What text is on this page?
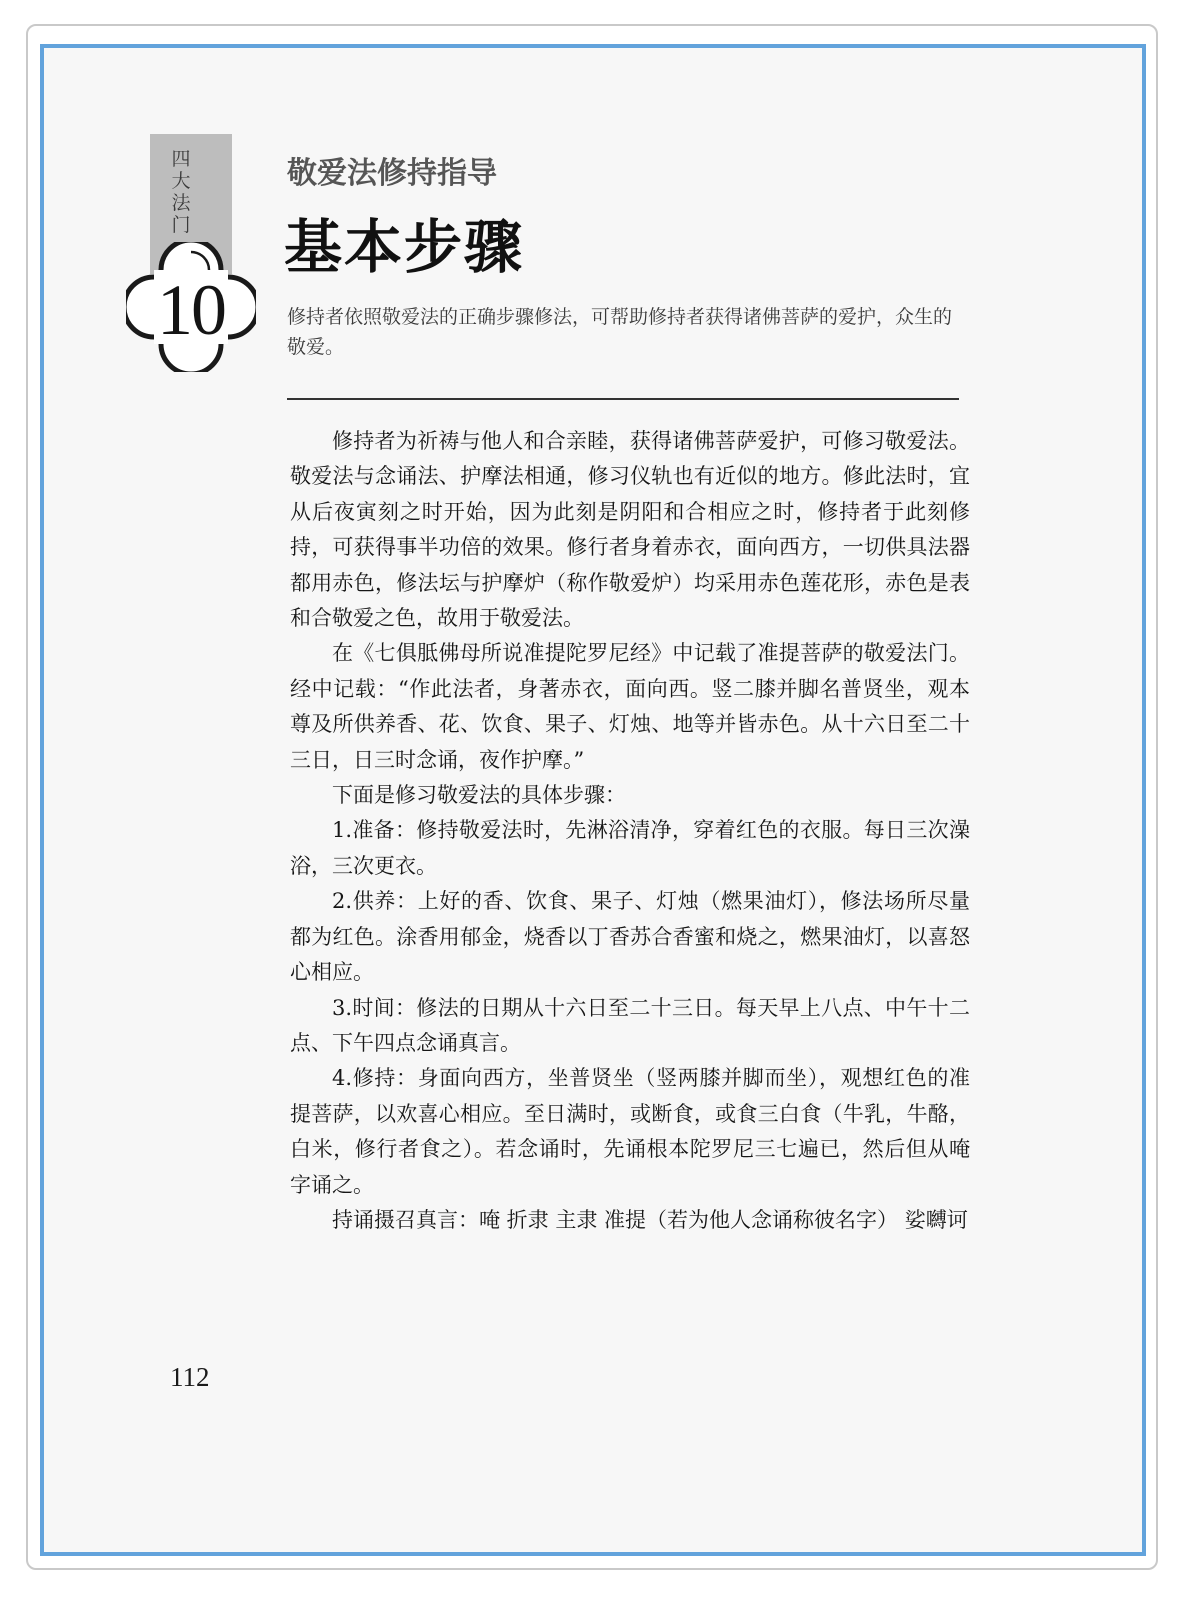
四大法门
10
敬爱法修持指导
基本步骤
修持者依照敬爱法的正确步骤修法，可帮助修持者获得诸佛菩萨的爱护，众生的敬爱。

修持者为祈祷与他人和合亲睦，获得诸佛菩萨爱护，可修习敬爱法。敬爱法与念诵法、护摩法相通，修习仪轨也有近似的地方。修此法时，宜从后夜寅刻之时开始，因为此刻是阴阳和合相应之时，修持者于此刻修持，可获得事半功倍的效果。修行者身着赤衣，面向西方，一切供具法器都用赤色，修法坛与护摩炉（称作敬爱炉）均采用赤色莲花形，赤色是表和合敬爱之色，故用于敬爱法。

在《七俱胝佛母所说准提陀罗尼经》中记载了准提菩萨的敬爱法门。经中记载：“作此法者，身著赤衣，面向西。竖二膝并脚名普贤坐，观本尊及所供养香、花、饮食、果子、灯烛、地等并皆赤色。从十六日至二十三日，日三时念诵，夜作护摩。”

下面是修习敬爱法的具体步骤：

1.准备：修持敬爱法时，先淋浴清净，穿着红色的衣服。每日三次澡浴，三次更衣。

2.供养：上好的香、饮食、果子、灯烛（燃果油灯），修法场所尽量都为红色。涂香用郁金，烧香以丁香苏合香蜜和烧之，燃果油灯，以喜怒心相应。

3.时间：修法的日期从十六日至二十三日。每天早上八点、中午十二点、下午四点念诵真言。

4.修持：身面向西方，坐普贤坐（竖两膝并脚而坐），观想红色的准提菩萨，以欢喜心相应。至日满时，或断食，或食三白食（牛乳，牛酪，白米，修行者食之）。若念诵时，先诵根本陀罗尼三七遍已，然后但从唵字诵之。

持诵摄召真言：唵 折隶 主隶 准提（若为他人念诵称彼名字） 娑嚩诃

112
